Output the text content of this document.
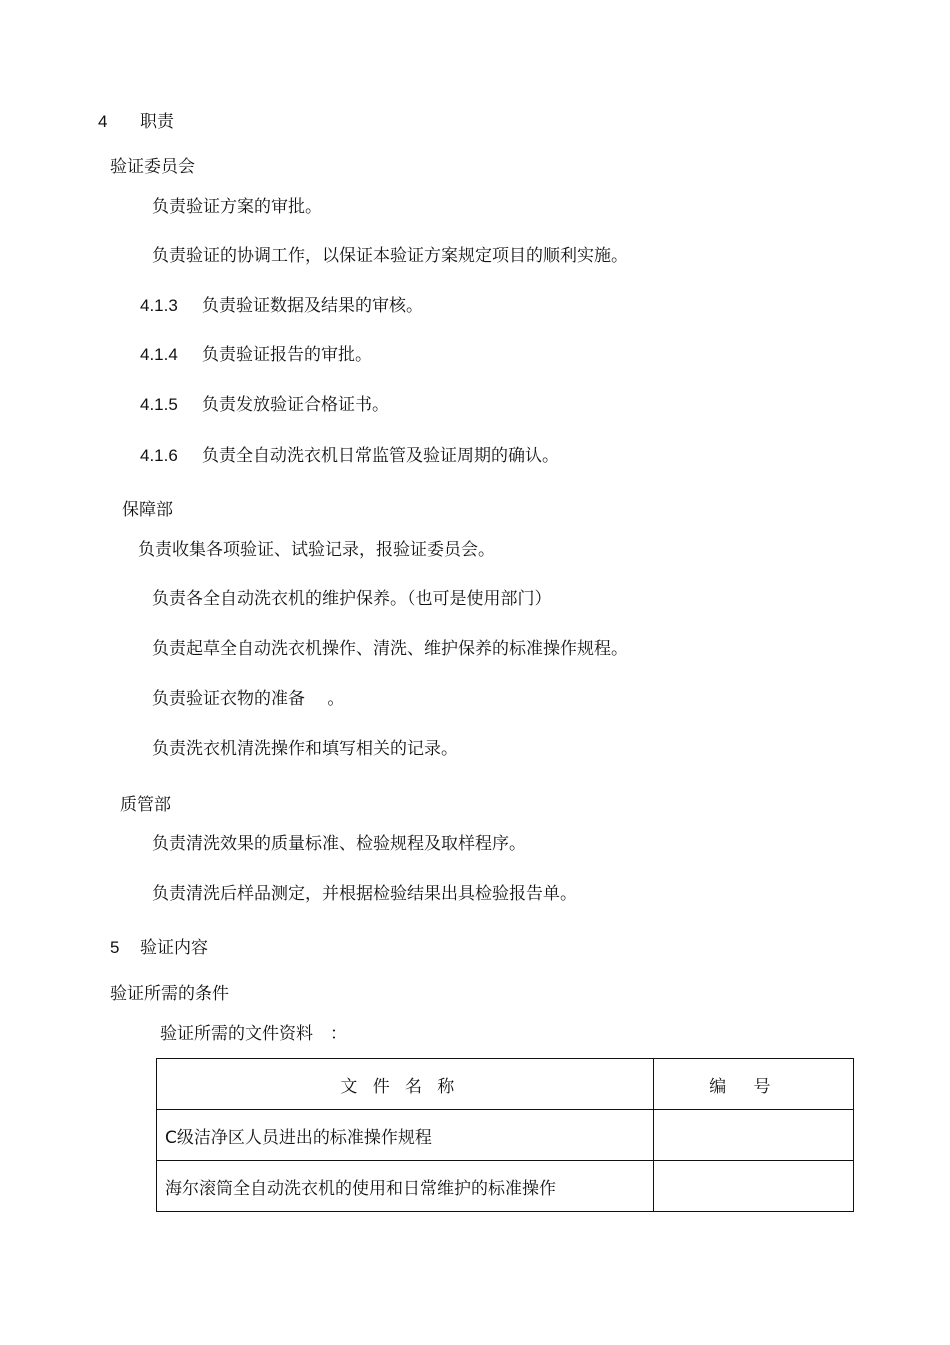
4 职责
验证委员会
负责验证方案的审批。
负责验证的协调工作，以保证本验证方案规定项目的顺利实施。
4.1.3 负责验证数据及结果的审核。
4.1.4 负责验证报告的审批。
4.1.5 负责发放验证合格证书。
4.1.6 负责全自动洗衣机日常监管及验证周期的确认。
保障部
负责收集各项验证、试验记录，报验证委员会。
负责各全自动洗衣机的维护保养。（也可是使用部门）
负责起草全自动洗衣机操作、清洗、维护保养的标准操作规程。
负责验证衣物的准备　 。
负责洗衣机清洗操作和填写相关的记录。
质管部
负责清洗效果的质量标准、检验规程及取样程序。
负责清洗后样品测定，并根据检验结果出具检验报告单。
5 验证内容
验证所需的条件
验证所需的文件资料　：
文件名称	编号
C级洁净区人员进出的标准操作规程	
海尔滚筒全自动洗衣机的使用和日常维护的标准操作	
